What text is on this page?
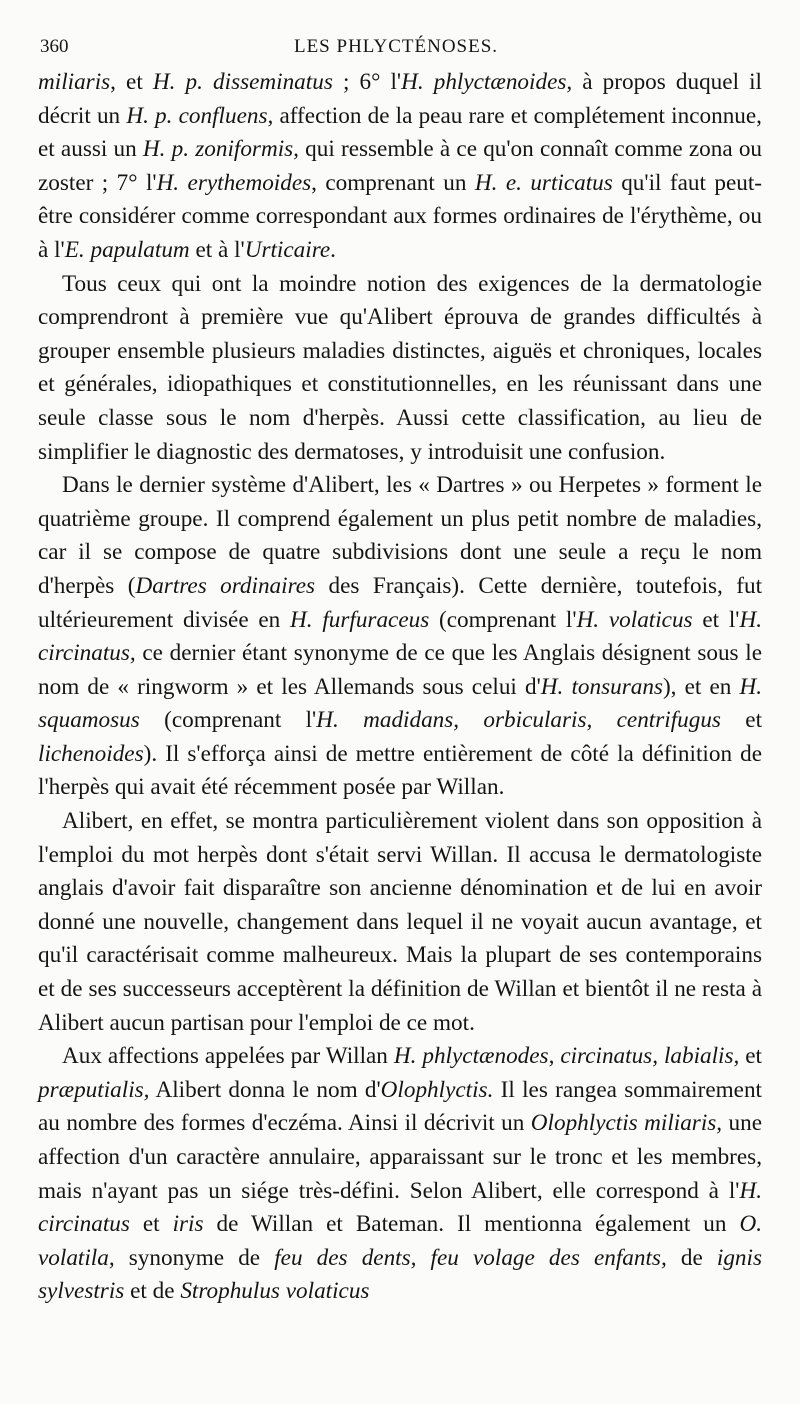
360	LES PHLYCTÉNOSES.

miliaris, et H. p. disseminatus ; 6° l'H. phlyctænoides, à propos duquel il décrit un H. p. confluens, affection de la peau rare et complétement inconnue, et aussi un H. p. zoniformis, qui ressemble à ce qu'on connaît comme zona ou zoster ; 7° l'H. erythemoides, comprenant un H. e. urticatus qu'il faut peut-être considérer comme correspondant aux formes ordinaires de l'érythème, ou à l'E. papulatum et à l'Urticaire.

Tous ceux qui ont la moindre notion des exigences de la dermatologie comprendront à première vue qu'Alibert éprouva de grandes difficultés à grouper ensemble plusieurs maladies distinctes, aiguës et chroniques, locales et générales, idiopathiques et constitutionnelles, en les réunissant dans une seule classe sous le nom d'herpès. Aussi cette classification, au lieu de simplifier le diagnostic des dermatoses, y introduisit une confusion.

Dans le dernier système d'Alibert, les « Dartres » ou Herpetes » forment le quatrième groupe. Il comprend également un plus petit nombre de maladies, car il se compose de quatre subdivisions dont une seule a reçu le nom d'herpès (Dartres ordinaires des Français). Cette dernière, toutefois, fut ultérieurement divisée en H. furfuraceus (comprenant l'H. volaticus et l'H. circinatus, ce dernier étant synonyme de ce que les Anglais désignent sous le nom de « ringworm » et les Allemands sous celui d'H. tonsurans), et en H. squamosus (comprenant l'H. madidans, orbicularis, centrifugus et lichenoides). Il s'efforça ainsi de mettre entièrement de côté la définition de l'herpès qui avait été récemment posée par Willan.

Alibert, en effet, se montra particulièrement violent dans son opposition à l'emploi du mot herpès dont s'était servi Willan. Il accusa le dermatologiste anglais d'avoir fait disparaître son ancienne dénomination et de lui en avoir donné une nouvelle, changement dans lequel il ne voyait aucun avantage, et qu'il caractérisait comme malheureux. Mais la plupart de ses contemporains et de ses successeurs acceptèrent la définition de Willan et bientôt il ne resta à Alibert aucun partisan pour l'emploi de ce mot.

Aux affections appelées par Willan H. phlyctænodes, circinatus, labialis, et præputialis, Alibert donna le nom d'Olophlyctis. Il les rangea sommairement au nombre des formes d'eczéma. Ainsi il décrivit un Olophlyctis miliaris, une affection d'un caractère annulaire, apparaissant sur le tronc et les membres, mais n'ayant pas un siége très-défini. Selon Alibert, elle correspond à l'H. circinatus et iris de Willan et Bateman. Il mentionna également un O. volatila, synonyme de feu des dents, feu volage des enfants, de ignis sylvestris et de Strophulus volaticus
